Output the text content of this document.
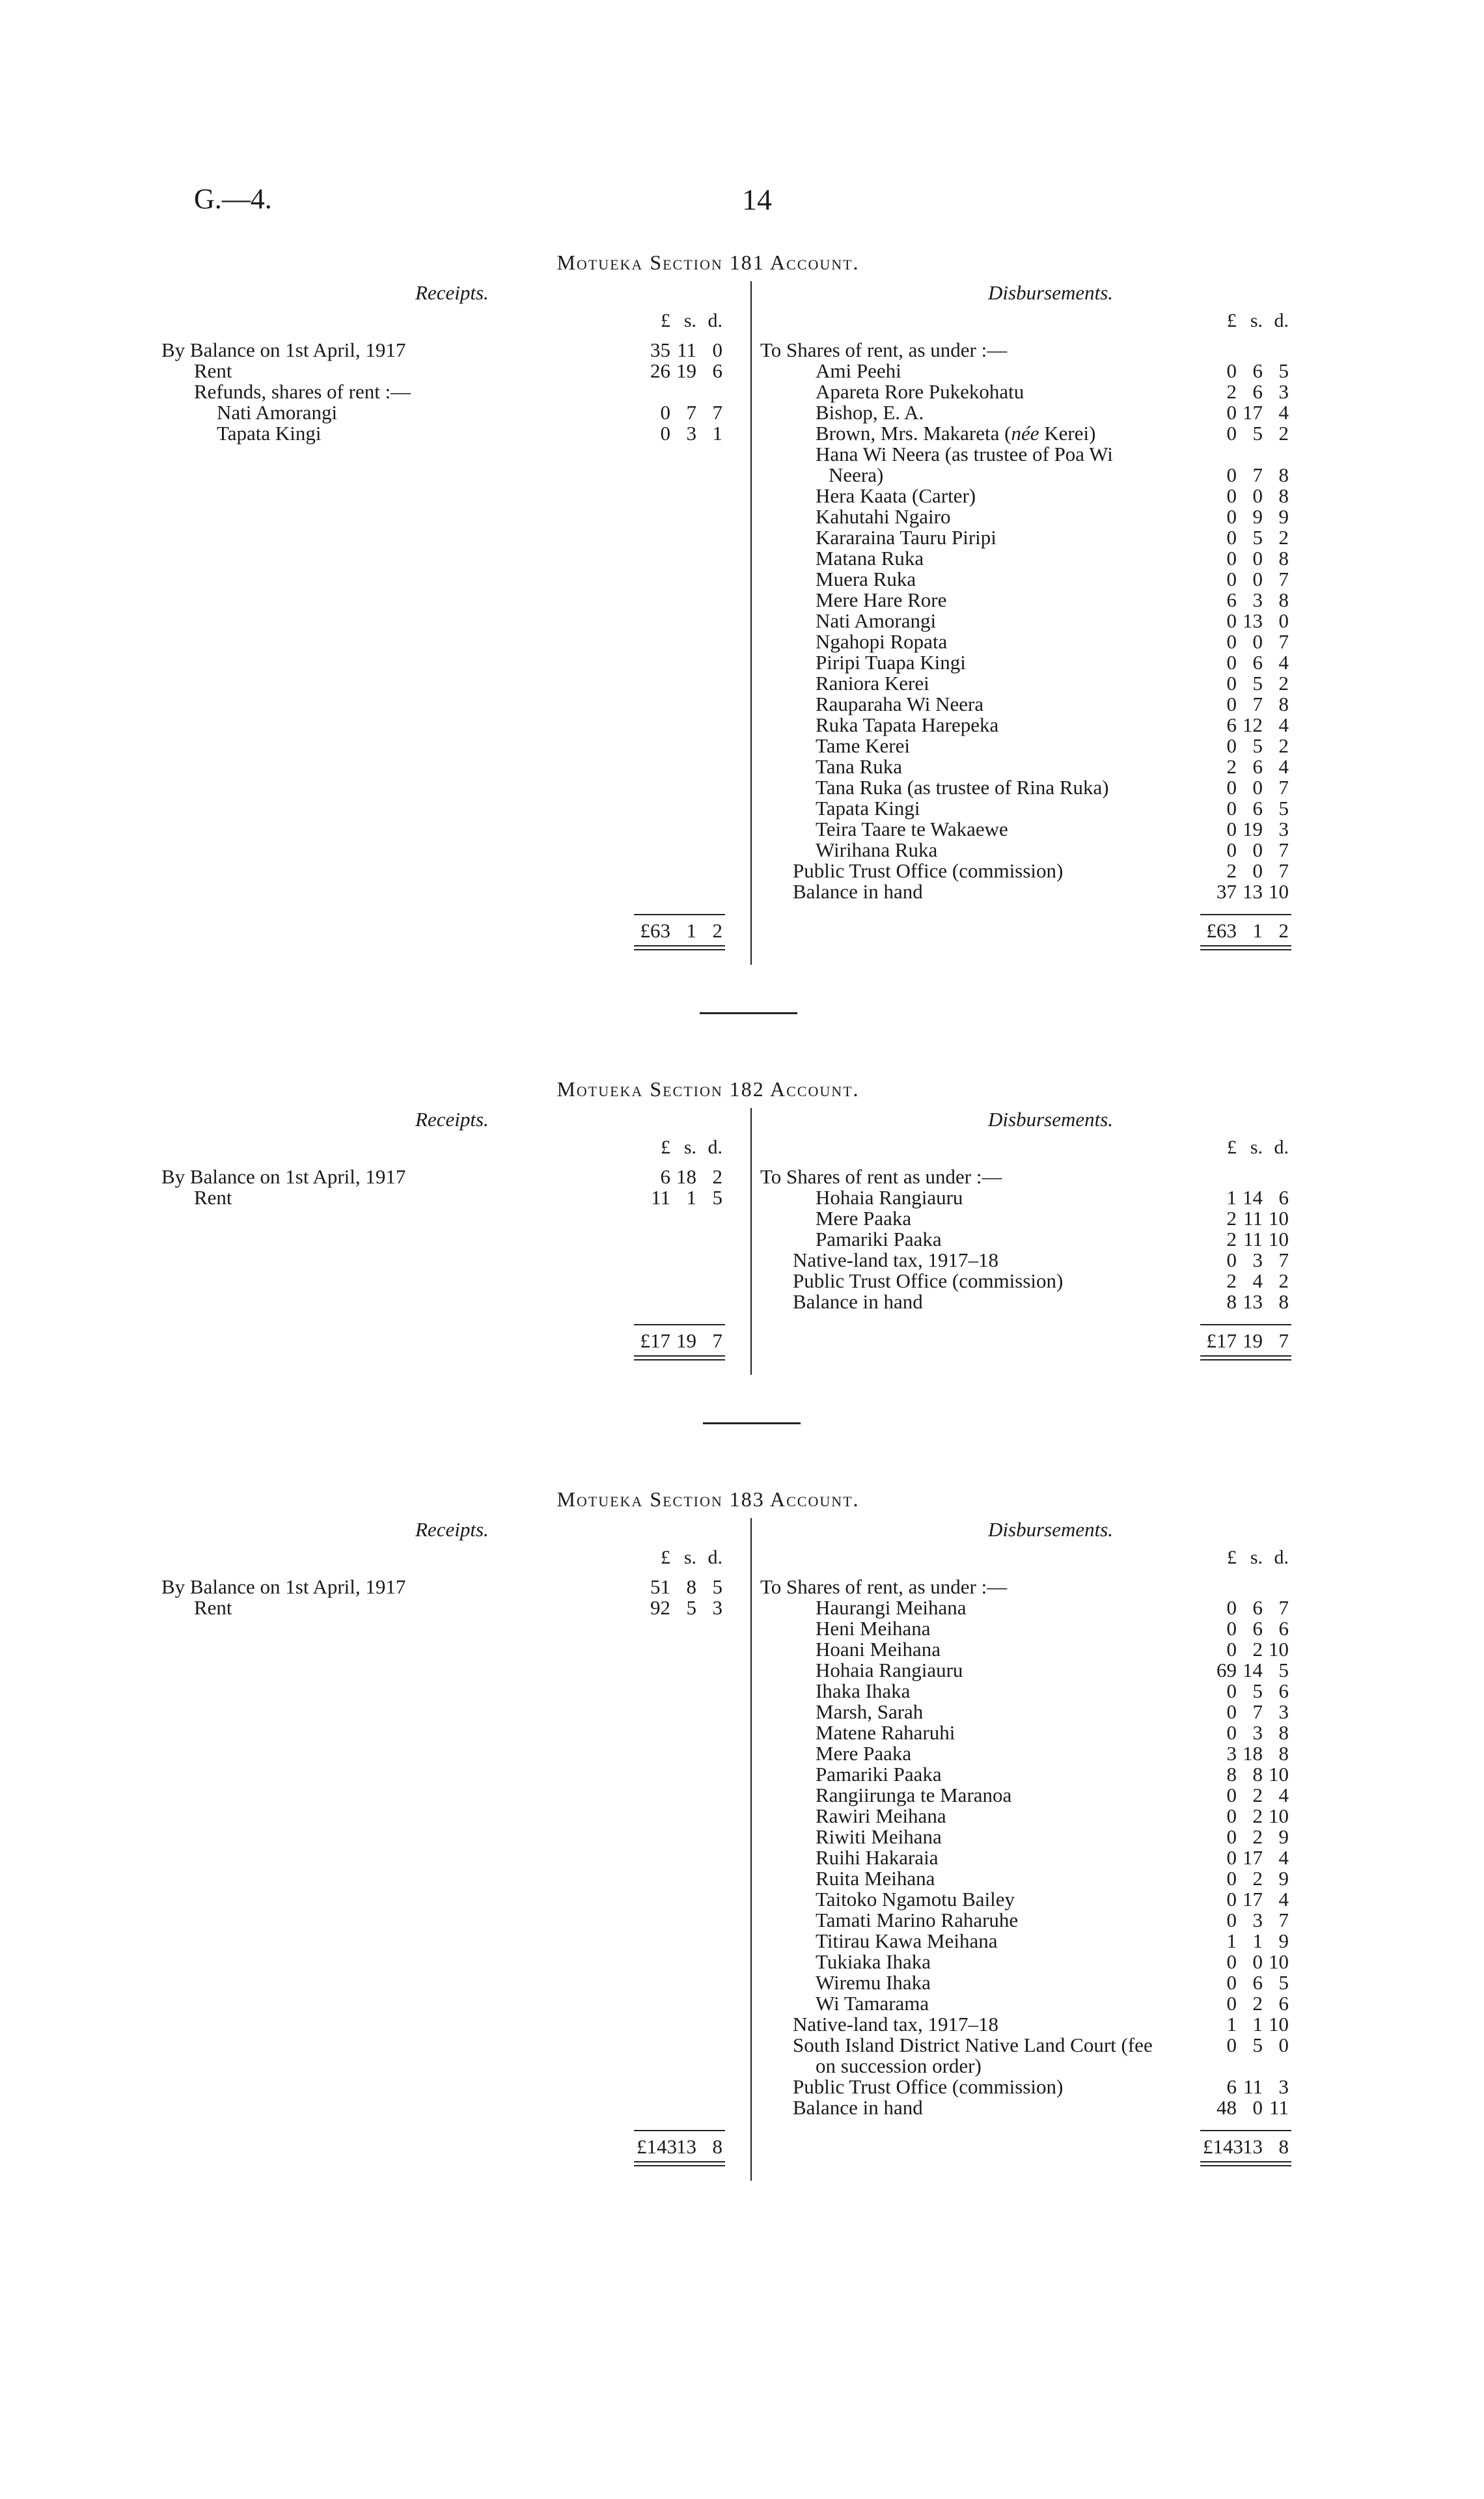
G.—4.	14
Motueka Section 181 Account.
Receipts.
£ s. d.
By Balance on 1st April, 1917	35 11 0
Rent	26 19 6
Refunds, shares of rent :—
Nati Amorangi	0 7 7
Tapata Kingi	0 3 1
£63 1 2
Disbursements.
£ s. d.
To Shares of rent, as under :—
Ami Peehi	0 6 5
Apareta Rore Pukekohatu	2 6 3
Bishop, E. A.	0 17 4
Brown, Mrs. Makareta (née Kerei)	0 5 2
Hana Wi Neera (as trustee of Poa Wi
Neera)	0 7 8
Hera Kaata (Carter)	0 0 8
Kahutahi Ngairo	0 9 9
Kararaina Tauru Piripi	0 5 2
Matana Ruka	0 0 8
Muera Ruka	0 0 7
Mere Hare Rore	6 3 8
Nati Amorangi	0 13 0
Ngahopi Ropata	0 0 7
Piripi Tuapa Kingi	0 6 4
Raniora Kerei	0 5 2
Rauparaha Wi Neera	0 7 8
Ruka Tapata Harepeka	6 12 4
Tame Kerei	0 5 2
Tana Ruka	2 6 4
Tana Ruka (as trustee of Rina Ruka)	0 0 7
Tapata Kingi	0 6 5
Teira Taare te Wakaewe	0 19 3
Wirihana Ruka	0 0 7
Public Trust Office (commission)	2 0 7
Balance in hand	37 13 10
£63 1 2
Motueka Section 182 Account.
Receipts.
£ s. d.
By Balance on 1st April, 1917	6 18 2
Rent	11 1 5
£17 19 7
Disbursements.
£ s. d.
To Shares of rent as under :—
Hohaia Rangiauru	1 14 6
Mere Paaka	2 11 10
Pamariki Paaka	2 11 10
Native-land tax, 1917–18	0 3 7
Public Trust Office (commission)	2 4 2
Balance in hand	8 13 8
£17 19 7
Motueka Section 183 Account.
Receipts.
£ s. d.
By Balance on 1st April, 1917	51 8 5
Rent	92 5 3
£143 13 8
Disbursements.
£ s. d.
To Shares of rent, as under :—
Haurangi Meihana	0 6 7
Heni Meihana	0 6 6
Hoani Meihana	0 2 10
Hohaia Rangiauru	69 14 5
Ihaka Ihaka	0 5 6
Marsh, Sarah	0 7 3
Matene Raharuhi	0 3 8
Mere Paaka	3 18 8
Pamariki Paaka	8 8 10
Rangiirunga te Maranoa	0 2 4
Rawiri Meihana	0 2 10
Riwiti Meihana	0 2 9
Ruihi Hakaraia	0 17 4
Ruita Meihana	0 2 9
Taitoko Ngamotu Bailey	0 17 4
Tamati Marino Raharuhe	0 3 7
Titirau Kawa Meihana	1 1 9
Tukiaka Ihaka	0 0 10
Wiremu Ihaka	0 6 5
Wi Tamarama	0 2 6
Native-land tax, 1917–18	1 1 10
South Island District Native Land Court (fee	0 5 0
on succession order)
Public Trust Office (commission)	6 11 3
Balance in hand	48 0 11
£143 13 8
